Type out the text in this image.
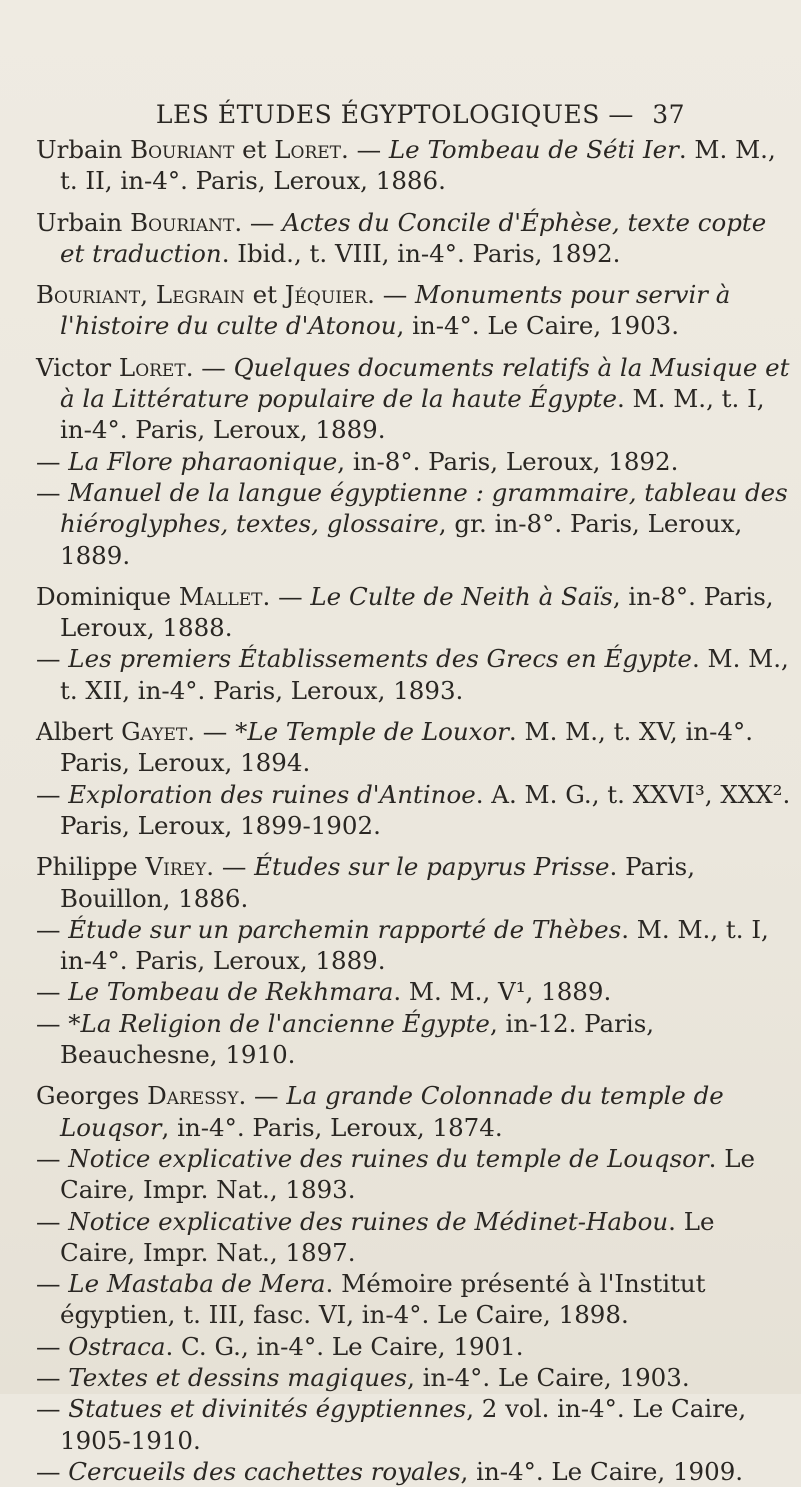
LES ÉTUDES ÉGYPTOLOGIQUES — 37

Urbain Bouriant et Loret. — Le Tombeau de Séti Ier. M. M., t. II, in-4°. Paris, Leroux, 1886.

Urbain Bouriant. — Actes du Concile d'Éphèse, texte copte et traduction. Ibid., t. VIII, in-4°. Paris, 1892.

Bouriant, Legrain et Jéquier. — Monuments pour servir à l'histoire du culte d'Atonou, in-4°. Le Caire, 1903.

Victor Loret. — Quelques documents relatifs à la Musique et à la Littérature populaire de la haute Égypte. M. M., t. I, in-4°. Paris, Leroux, 1889.

— La Flore pharaonique, in-8°. Paris, Leroux, 1892.

— Manuel de la langue égyptienne : grammaire, tableau des hiéroglyphes, textes, glossaire, gr. in-8°. Paris, Leroux, 1889.

Dominique Mallet. — Le Culte de Neith à Saïs, in-8°. Paris, Leroux, 1888.

— Les premiers Établissements des Grecs en Égypte. M. M., t. XII, in-4°. Paris, Leroux, 1893.

Albert Gayet. — *Le Temple de Louxor. M. M., t. XV, in-4°. Paris, Leroux, 1894.

— Exploration des ruines d'Antinoe. A. M. G., t. XXVI³, XXX². Paris, Leroux, 1899-1902.

Philippe Virey. — Études sur le papyrus Prisse. Paris, Bouillon, 1886.

— Étude sur un parchemin rapporté de Thèbes. M. M., t. I, in-4°. Paris, Leroux, 1889.

— Le Tombeau de Rekhmara. M. M., V¹, 1889.

— *La Religion de l'ancienne Égypte, in-12. Paris, Beauchesne, 1910.

Georges Daressy. — La grande Colonnade du temple de Louqsor, in-4°. Paris, Leroux, 1874.

— Notice explicative des ruines du temple de Louqsor. Le Caire, Impr. Nat., 1893.

— Notice explicative des ruines de Médinet-Habou. Le Caire, Impr. Nat., 1897.

— Le Mastaba de Mera. Mémoire présenté à l'Institut égyptien, t. III, fasc. VI, in-4°. Le Caire, 1898.

— Ostraca. C. G., in-4°. Le Caire, 1901.

— Textes et dessins magiques, in-4°. Le Caire, 1903.

— Statues et divinités égyptiennes, 2 vol. in-4°. Le Caire, 1905-1910.

— Cercueils des cachettes royales, in-4°. Le Caire, 1909.
